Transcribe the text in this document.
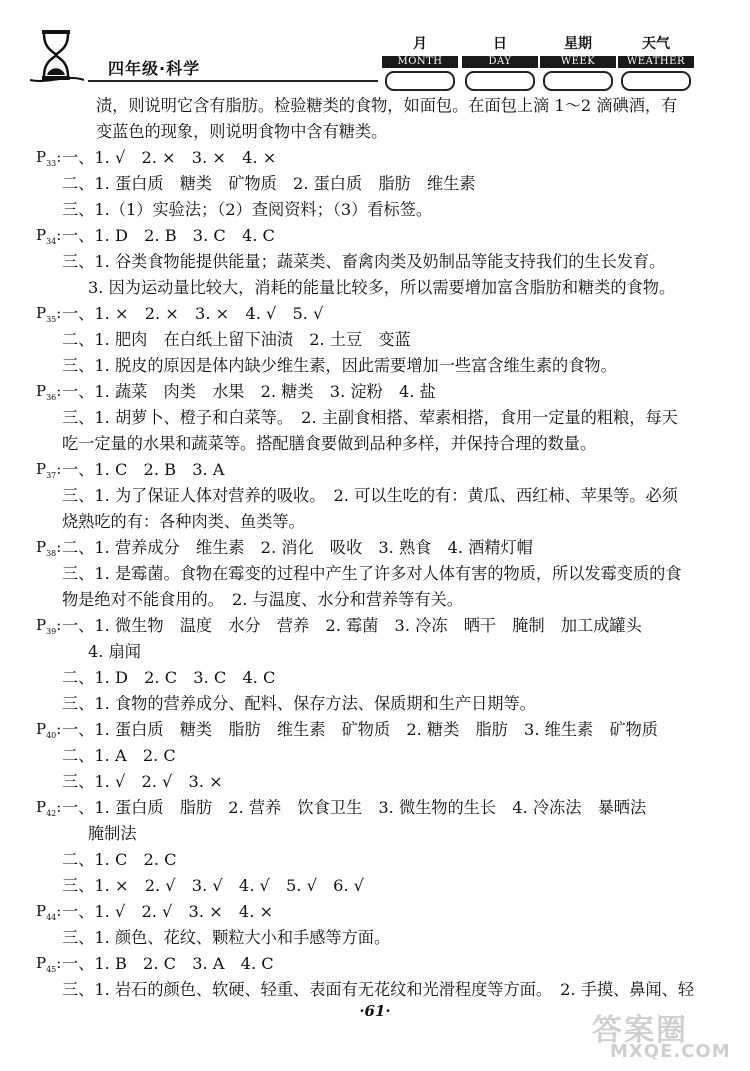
四年级·科学
月
MONTH
日
DAY
星期
WEEK
天气
WEATHER
渍，则说明它含有脂肪。检验糖类的食物，如面包。在面包上滴 1～2 滴碘酒，有
变蓝色的现象，则说明食物中含有糖类。
$P_{33}$: 一、1. √　2. ×　3. ×　4. ×
二、1. 蛋白质　糖类　矿物质　2. 蛋白质　脂肪　维生素
三、1.（1）实验法；（2）查阅资料；（3）看标签。
$P_{34}$: 一、1. D　2. B　3. C　4. C
三、1. 谷类食物能提供能量；蔬菜类、畜禽肉类及奶制品等能支持我们的生长发育。
3. 因为运动量比较大，消耗的能量比较多，所以需要增加富含脂肪和糖类的食物。
$P_{35}$: 一、1. ×　2. ×　3. ×　4. √　5. √
二、1. 肥肉　在白纸上留下油渍　2. 土豆　变蓝
三、1. 脱皮的原因是体内缺少维生素，因此需要增加一些富含维生素的食物。
$P_{36}$: 一、1. 蔬菜　肉类　水果　2. 糖类　3. 淀粉　4. 盐
三、1. 胡萝卜、橙子和白菜等。　2. 主副食相搭、荤素相搭，食用一定量的粗粮，每天
吃一定量的水果和蔬菜等。搭配膳食要做到品种多样，并保持合理的数量。
$P_{37}$: 一、1. C　2. B　3. A
三、1. 为了保证人体对营养的吸收。　2. 可以生吃的有：黄瓜、西红柿、苹果等。必须
烧熟吃的有：各种肉类、鱼类等。
$P_{38}$: 二、1. 营养成分　维生素　2. 消化　吸收　3. 熟食　4. 酒精灯帽
三、1. 是霉菌。食物在霉变的过程中产生了许多对人体有害的物质，所以发霉变质的食
物是绝对不能食用的。　2. 与温度、水分和营养等有关。
$P_{39}$: 一、1. 微生物　温度　水分　营养　2. 霉菌　3. 冷冻　晒干　腌制　加工成罐头
4. 扇闻
二、1. D　2. C　3. C　4. C
三、1. 食物的营养成分、配料、保存方法、保质期和生产日期等。
$P_{40}$: 一、1. 蛋白质　糖类　脂肪　维生素　矿物质　2. 糖类　脂肪　3. 维生素　矿物质
二、1. A　2. C
三、1. √　2. √　3. ×
$P_{42}$: 一、1. 蛋白质　脂肪　2. 营养　饮食卫生　3. 微生物的生长　4. 冷冻法　暴晒法
腌制法
二、1. C　2. C
三、1. ×　2. √　3. √　4. √　5. √　6. √
$P_{44}$: 一、1. √　2. √　3. ×　4. ×
三、1. 颜色、花纹、颗粒大小和手感等方面。
$P_{45}$: 一、1. B　2. C　3. A　4. C
三、1. 岩石的颜色、软硬、轻重、表面有无花纹和光滑程度等方面。　2. 手摸、鼻闻、轻
·61·
答案圈
MXQE.COM
